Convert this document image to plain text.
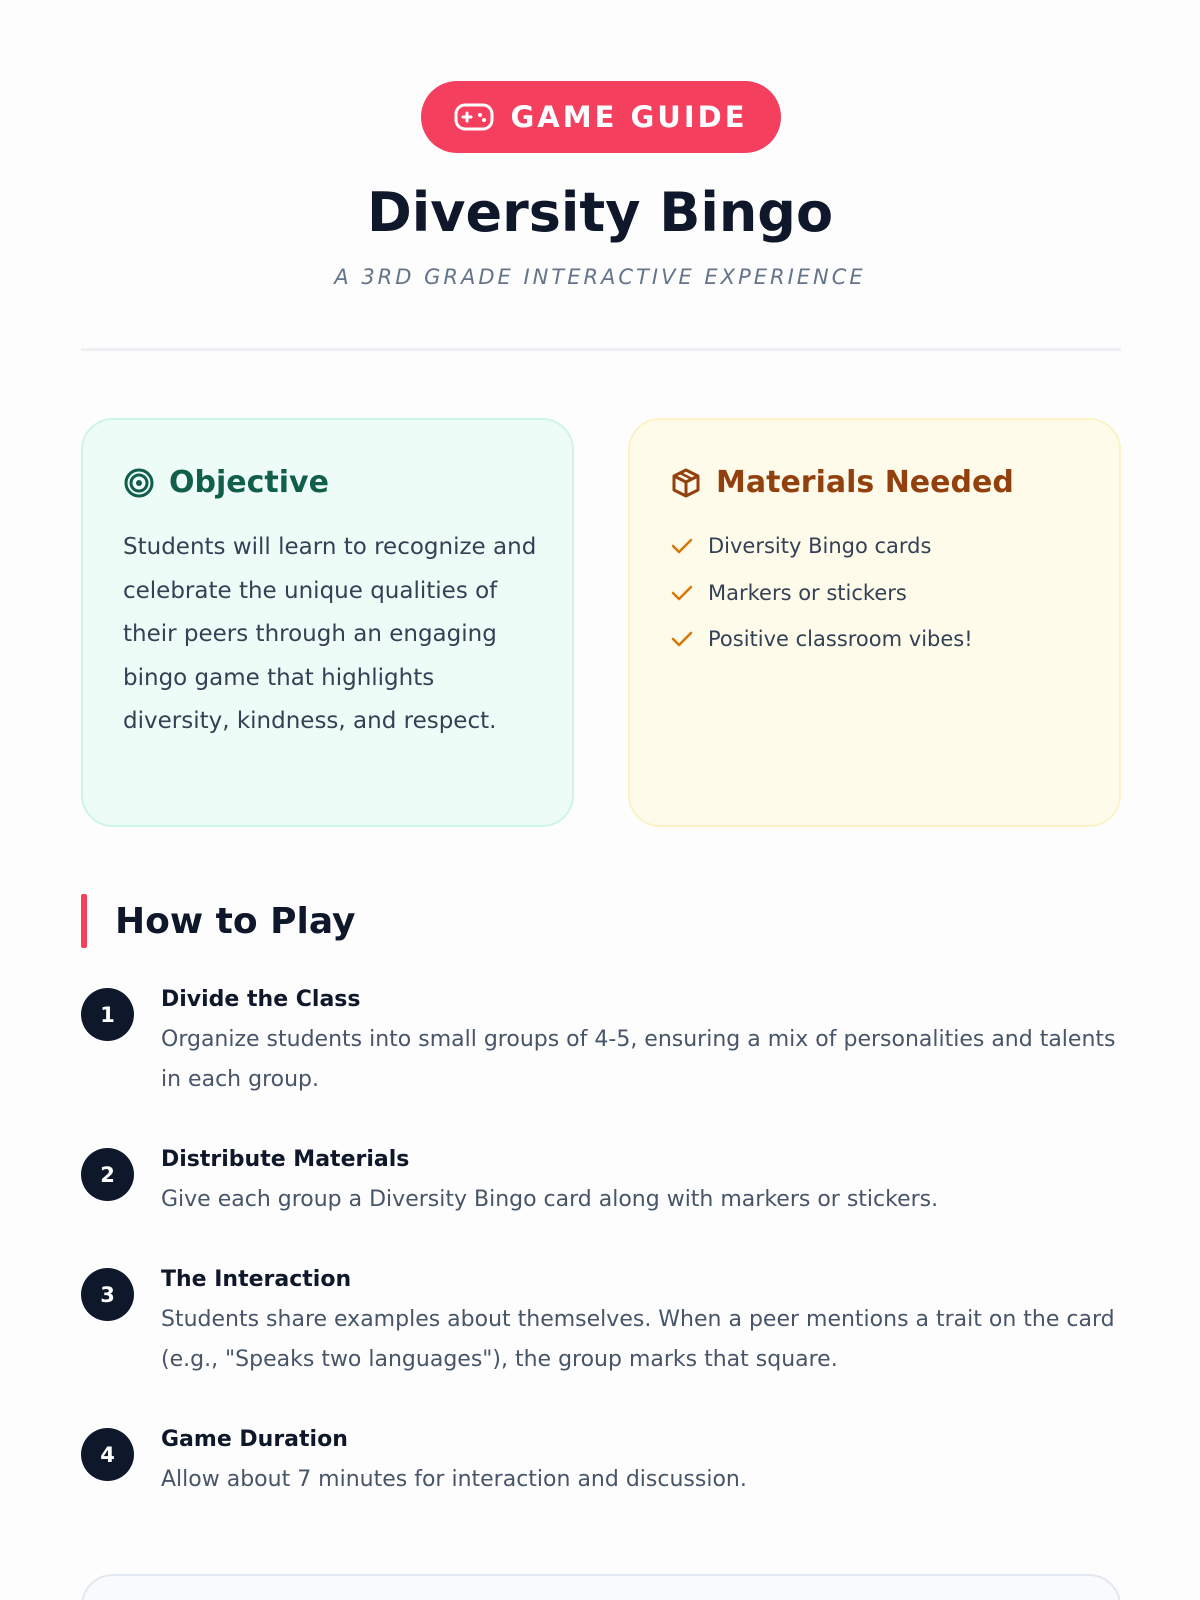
GAME GUIDE
Diversity Bingo
A 3RD GRADE INTERACTIVE EXPERIENCE
Objective
Students will learn to recognize and celebrate the unique qualities of their peers through an engaging bingo game that highlights diversity, kindness, and respect.
Materials Needed
Diversity Bingo cards
Markers or stickers
Positive classroom vibes!
How to Play
1
Divide the Class
Organize students into small groups of 4-5, ensuring a mix of personalities and talents in each group.
2
Distribute Materials
Give each group a Diversity Bingo card along with markers or stickers.
3
The Interaction
Students share examples about themselves. When a peer mentions a trait on the card (e.g., "Speaks two languages"), the group marks that square.
4
Game Duration
Allow about 7 minutes for interaction and discussion.
